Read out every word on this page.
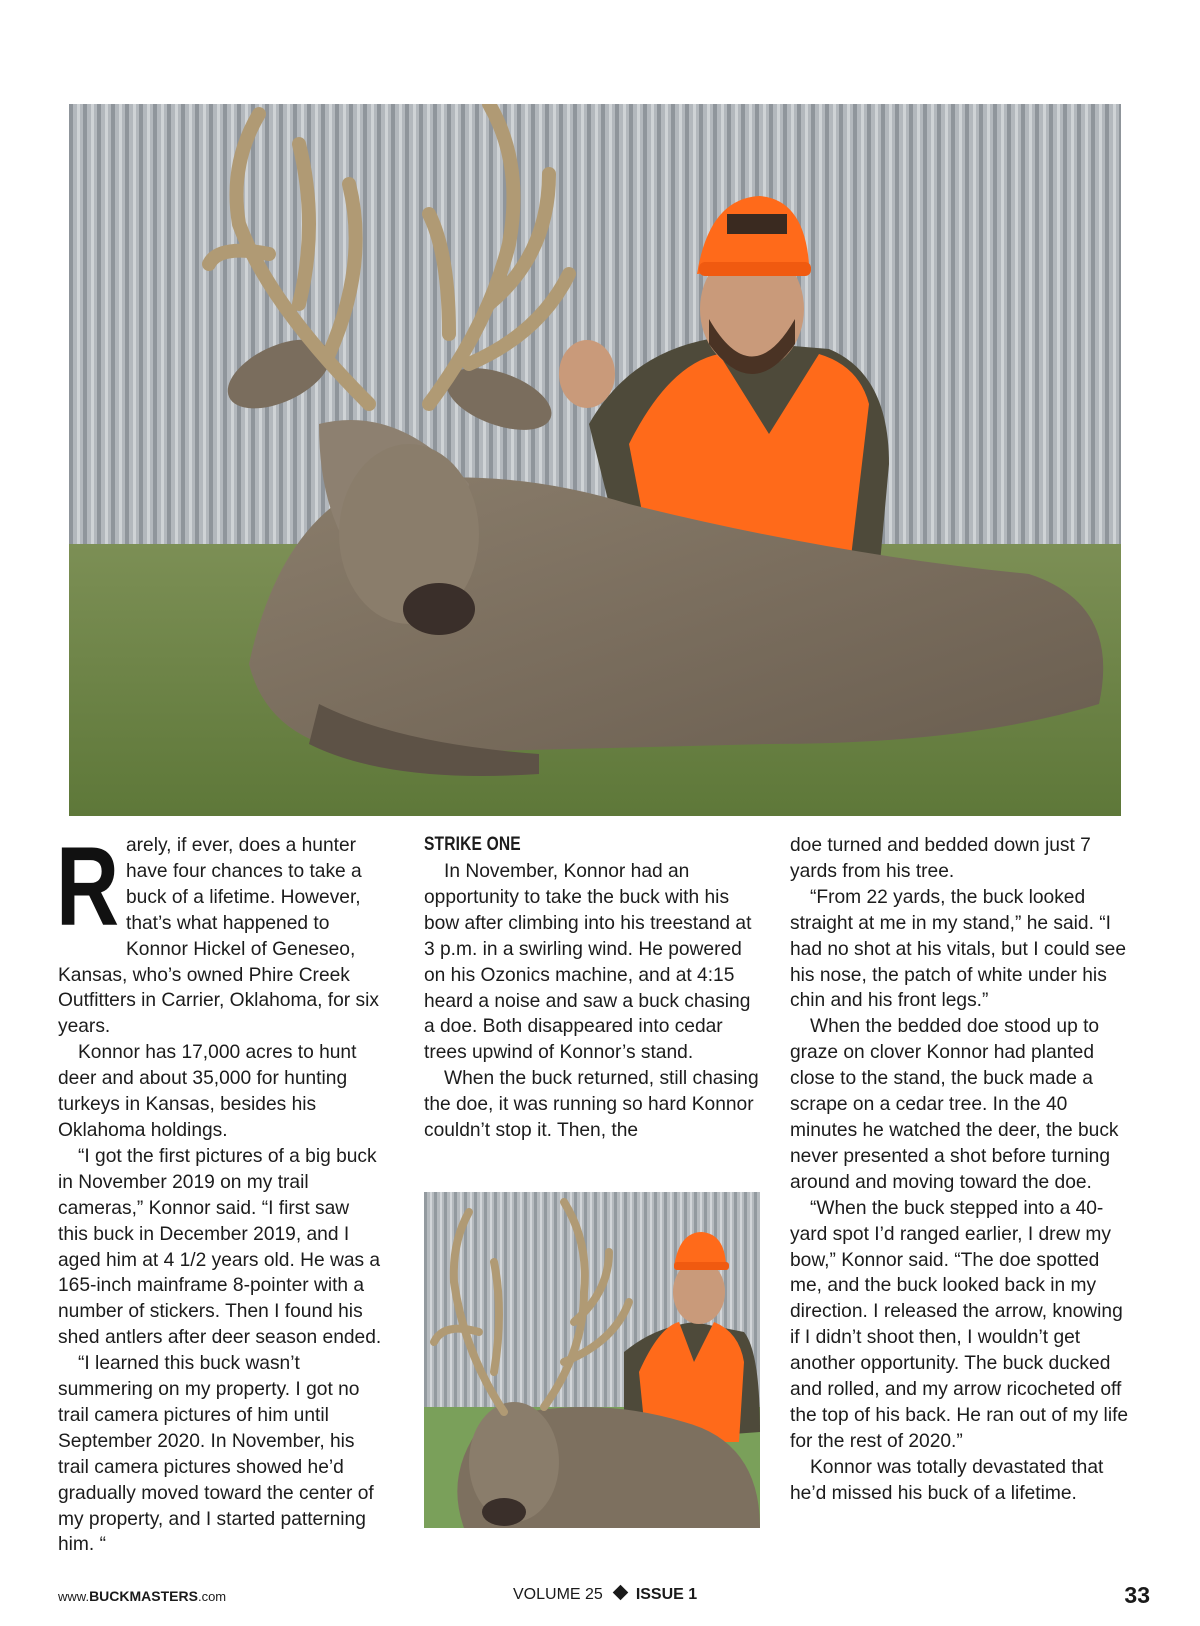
R arely, if ever, does a hunter have four chances to take a buck of a lifetime. However, that’s what happened to Konnor Hickel of Geneseo, Kansas, who’s owned Phire Creek Outfitters in Carrier, Oklahoma, for six years.

Konnor has 17,000 acres to hunt deer and about 35,000 for hunting turkeys in Kansas, besides his Oklahoma holdings.

“I got the first pictures of a big buck in November 2019 on my trail cameras,” Konnor said. “I first saw this buck in December 2019, and I aged him at 4 1/2 years old. He was a 165-inch mainframe 8-pointer with a number of stickers. Then I found his shed antlers after deer season ended.

“I learned this buck wasn’t summering on my property. I got no trail camera pictures of him until September 2020. In November, his trail camera pictures showed he’d gradually moved toward the center of my property, and I started patterning him. “

STRIKE ONE

In November, Konnor had an opportunity to take the buck with his bow after climbing into his treestand at 3 p.m. in a swirling wind. He powered on his Ozonics machine, and at 4:15 heard a noise and saw a buck chasing a doe. Both disappeared into cedar trees upwind of Konnor’s stand.

When the buck returned, still chasing the doe, it was running so hard Konnor couldn’t stop it. Then, the

doe turned and bedded down just 7 yards from his tree.

“From 22 yards, the buck looked straight at me in my stand,” he said. “I had no shot at his vitals, but I could see his nose, the patch of white under his chin and his front legs.”

When the bedded doe stood up to graze on clover Konnor had planted close to the stand, the buck made a scrape on a cedar tree. In the 40 minutes he watched the deer, the buck never presented a shot before turning around and moving toward the doe.

“When the buck stepped into a 40-yard spot I’d ranged earlier, I drew my bow,” Konnor said. “The doe spotted me, and the buck looked back in my direction. I released the arrow, knowing if I didn’t shoot then, I wouldn’t get another opportunity. The buck ducked and rolled, and my arrow ricocheted off the top of his back. He ran out of my life for the rest of 2020.”

Konnor was totally devastated that he’d missed his buck of a lifetime.

www.BUCKMASTERS.com	VOLUME 25 ISSUE 1	33
